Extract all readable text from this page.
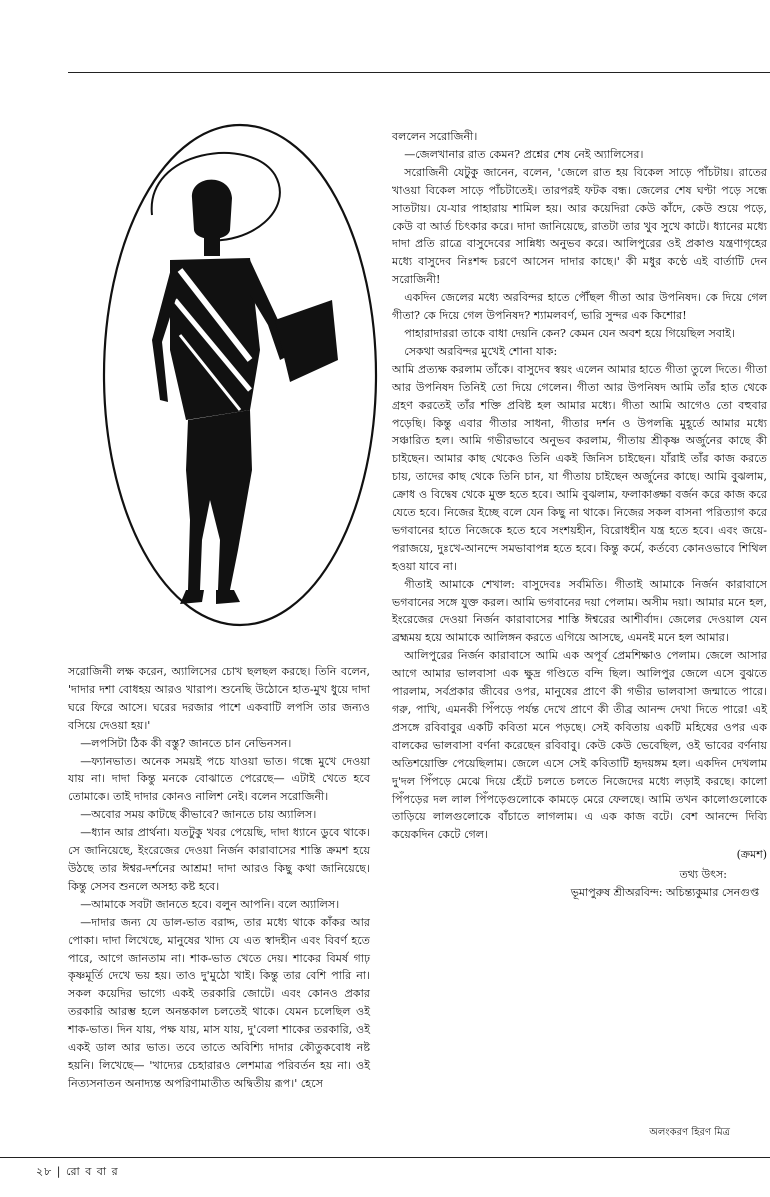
সরোজিনী লক্ষ করেন, অ্যালিসের চোখ ছলছল করছে। তিনি বলেন, 'দাদার দশা বোধহয় আরও খারাপ। শুনেছি উঠোনে হাত-মুখ ধুয়ে দাদা ঘরে ফিরে আসে। ঘরের দরজার পাশে একবাটি লপসি তার জন্যও বসিয়ে দেওয়া হয়।'

—লপসিটা ঠিক কী বস্তু? জানতে চান নেভিনসন।

—ফ্যানভাত। অনেক সময়ই পচে যাওয়া ভাত। গন্ধে মুখে দেওয়া যায় না। দাদা কিন্তু মনকে বোঝাতে পেরেছে— এটাই খেতে হবে তোমাকে। তাই দাদার কোনও নালিশ নেই। বলেন সরোজিনী।

—অবোর সময় কাটছে কীভাবে? জানতে চায় অ্যালিস।

—ধ্যান আর প্রার্থনা। যতটুকু খবর পেয়েছি, দাদা ধ্যানে ডুবে থাকে। সে জানিয়েছে, ইংরেজের দেওয়া নির্জন কারাবাসের শাস্তি ক্রমশ হয়ে উঠছে তার ঈশ্বর-দর্শনের আশ্রম! দাদা আরও কিছু কথা জানিয়েছে। কিন্তু সেসব শুনলে অসহ্য কষ্ট হবে।

—আমাকে সবটা জানতে হবে। বলুন আপনি। বলে অ্যালিস।

—দাদার জন্য যে ডাল-ভাত বরাদ্দ, তার মধ্যে থাকে কাঁকর আর পোকা। দাদা লিখেছে, মানুষের খাদ্য যে এত স্বাদহীন এবং বিবর্ণ হতে পারে, আগে জানতাম না। শাক-ভাত খেতে দেয়। শাকের বিমর্ষ গাঢ় কৃষ্ণমূর্তি দেখে ভয় হয়। তাও দু'মুঠো খাই। কিন্তু তার বেশি পারি না। সকল কয়েদির ভাগ্যে একই তরকারি জোটে। এবং কোনও প্রকার তরকারি আরম্ভ হলে অনন্তকাল চলতেই থাকে। যেমন চলেছিল ওই শাক-ভাত। দিন যায়, পক্ষ যায়, মাস যায়, দু'বেলা শাকের তরকারি, ওই একই ডাল আর ভাত। তবে তাতে অবিশ্যি দাদার কৌতুকবোধ নষ্ট হয়নি। লিখেছে— 'খাদ্যের চেহারারও লেশমাত্র পরিবর্তন হয় না। ওই নিত্যসনাতন অনাদ্যন্ত অপরিণামাতীত অদ্বিতীয় রূপ।' হেসে

বললেন সরোজিনী।

—জেলখানার রাত কেমন? প্রশ্নের শেষ নেই অ্যালিসের।

সরোজিনী যেটুকু জানেন, বলেন, 'জেলে রাত হয় বিকেল সাড়ে পাঁচটায়। রাতের খাওয়া বিকেল সাড়ে পাঁচটাতেই। তারপরই ফটক বন্ধ। জেলের শেষ ঘণ্টা পড়ে সন্ধে সাতটায়। যে-যার পাহারায় শামিল হয়। আর কয়েদিরা কেউ কাঁদে, কেউ শুয়ে পড়ে, কেউ বা আর্ত চিৎকার করে। দাদা জানিয়েছে, রাতটা তার খুব সুখে কাটে। ধ্যানের মধ্যে দাদা প্রতি রাত্রে বাসুদেবের সান্নিধ্য অনুভব করে। আলিপুরের ওই প্রকাণ্ড যন্ত্রণাগৃহের মধ্যে বাসুদেব নিঃশব্দ চরণে আসেন দাদার কাছে।' কী মধুর কণ্ঠে এই বার্তাটি দেন সরোজিনী!

একদিন জেলের মধ্যে অরবিন্দর হাতে পৌঁছল গীতা আর উপনিষদ। কে দিয়ে গেল গীতা? কে দিয়ে গেল উপনিষদ? শ্যামলবর্ণ, ভারি সুন্দর এক কিশোর!

পাহারাদাররা তাকে বাধা দেয়নি কেন? কেমন যেন অবশ হয়ে গিয়েছিল সবাই।

সেকথা অরবিন্দর মুখেই শোনা যাক:

আমি প্রত্যক্ষ করলাম তাঁকে। বাসুদেব স্বয়ং এলেন আমার হাতে গীতা তুলে দিতে। গীতা আর উপনিষদ তিনিই তো দিয়ে গেলেন। গীতা আর উপনিষদ আমি তাঁর হাত থেকে গ্রহণ করতেই তাঁর শক্তি প্রবিষ্ট হল আমার মধ্যে। গীতা আমি আগেও তো বহুবার পড়েছি। কিন্তু এবার গীতার সাধনা, গীতার দর্শন ও উপলব্ধি মুহূর্তে আমার মধ্যে সঞ্চারিত হল। আমি গভীরভাবে অনুভব করলাম, গীতায় শ্রীকৃষ্ণ অর্জুনের কাছে কী চাইছেন। আমার কাছ থেকেও তিনি একই জিনিস চাইছেন। যাঁরাই তাঁর কাজ করতে চায়, তাদের কাছ থেকে তিনি চান, যা গীতায় চাইছেন অর্জুনের কাছে। আমি বুঝলাম, ক্রোধ ও বিদ্বেষ থেকে মুক্ত হতে হবে। আমি বুঝলাম, ফলাকাঙ্ক্ষা বর্জন করে কাজ করে যেতে হবে। নিজের ইচ্ছে বলে যেন কিছু না থাকে। নিজের সকল বাসনা পরিত্যাগ করে ভগবানের হাতে নিজেকে হতে হবে সংশয়হীন, বিরোধহীন যন্ত্র হতে হবে। এবং জয়ে-পরাজয়ে, দুঃখে-আনন্দে সমভাবাপন্ন হতে হবে। কিন্তু কর্মে, কর্তব্যে কোনওভাবে শিথিল হওয়া যাবে না।

গীতাই আমাকে শেখাল: বাসুদেবঃ সর্বমিতি। গীতাই আমাকে নির্জন কারাবাসে ভগবানের সঙ্গে যুক্ত করল। আমি ভগবানের দয়া পেলাম। অসীম দয়া। আমার মনে হল, ইংরেজের দেওয়া নির্জন কারাবাসের শাস্তি ঈশ্বরের আশীর্বাদ। জেলের দেওয়াল যেন ব্রহ্মময় হয়ে আমাকে আলিঙ্গন করতে এগিয়ে আসছে, এমনই মনে হল আমার।

আলিপুরের নির্জন কারাবাসে আমি এক অপূর্ব প্রেমশিক্ষাও পেলাম। জেলে আসার আগে আমার ভালবাসা এক ক্ষুদ্র গণ্ডিতে বন্দি ছিল। আলিপুর জেলে এসে বুঝতে পারলাম, সর্বপ্রকার জীবের ওপর, মানুষের প্রাণে কী গভীর ভালবাসা জন্মাতে পারে। গরু, পাখি, এমনকী পিঁপড়ে পর্যন্ত দেখে প্রাণে কী তীব্র আনন্দ দেখা দিতে পারে! এই প্রসঙ্গে রবিবাবুর একটি কবিতা মনে পড়ছে। সেই কবিতায় একটি মহিষের ওপর এক বালকের ভালবাসা বর্ণনা করেছেন রবিবাবু। কেউ কেউ ভেবেছিল, ওই ভাবের বর্ণনায় অতিশয়োক্তি পেয়েছিলাম। জেলে এসে সেই কবিতাটি হৃদয়ঙ্গম হল। একদিন দেখলাম দু'দল পিঁপড়ে মেঝে দিয়ে হেঁটে চলতে চলতে নিজেদের মধ্যে লড়াই করছে। কালো পিঁপড়ের দল লাল পিঁপড়েগুলোকে কামড়ে মেরে ফেলছে। আমি তখন কালোগুলোকে তাড়িয়ে লালগুলোকে বাঁচাতে লাগলাম। এ এক কাজ বটে। বেশ আনন্দে দিব্যি কয়েকদিন কেটে গেল।

(ক্রমশ)
তথ্য উৎস:
ভূমাপুরুষ শ্রীঅরবিন্দ: অচিন্ত্যকুমার সেনগুপ্ত
অলংকরণ হিরণ মিত্র
২৮ | রো ব বা র
